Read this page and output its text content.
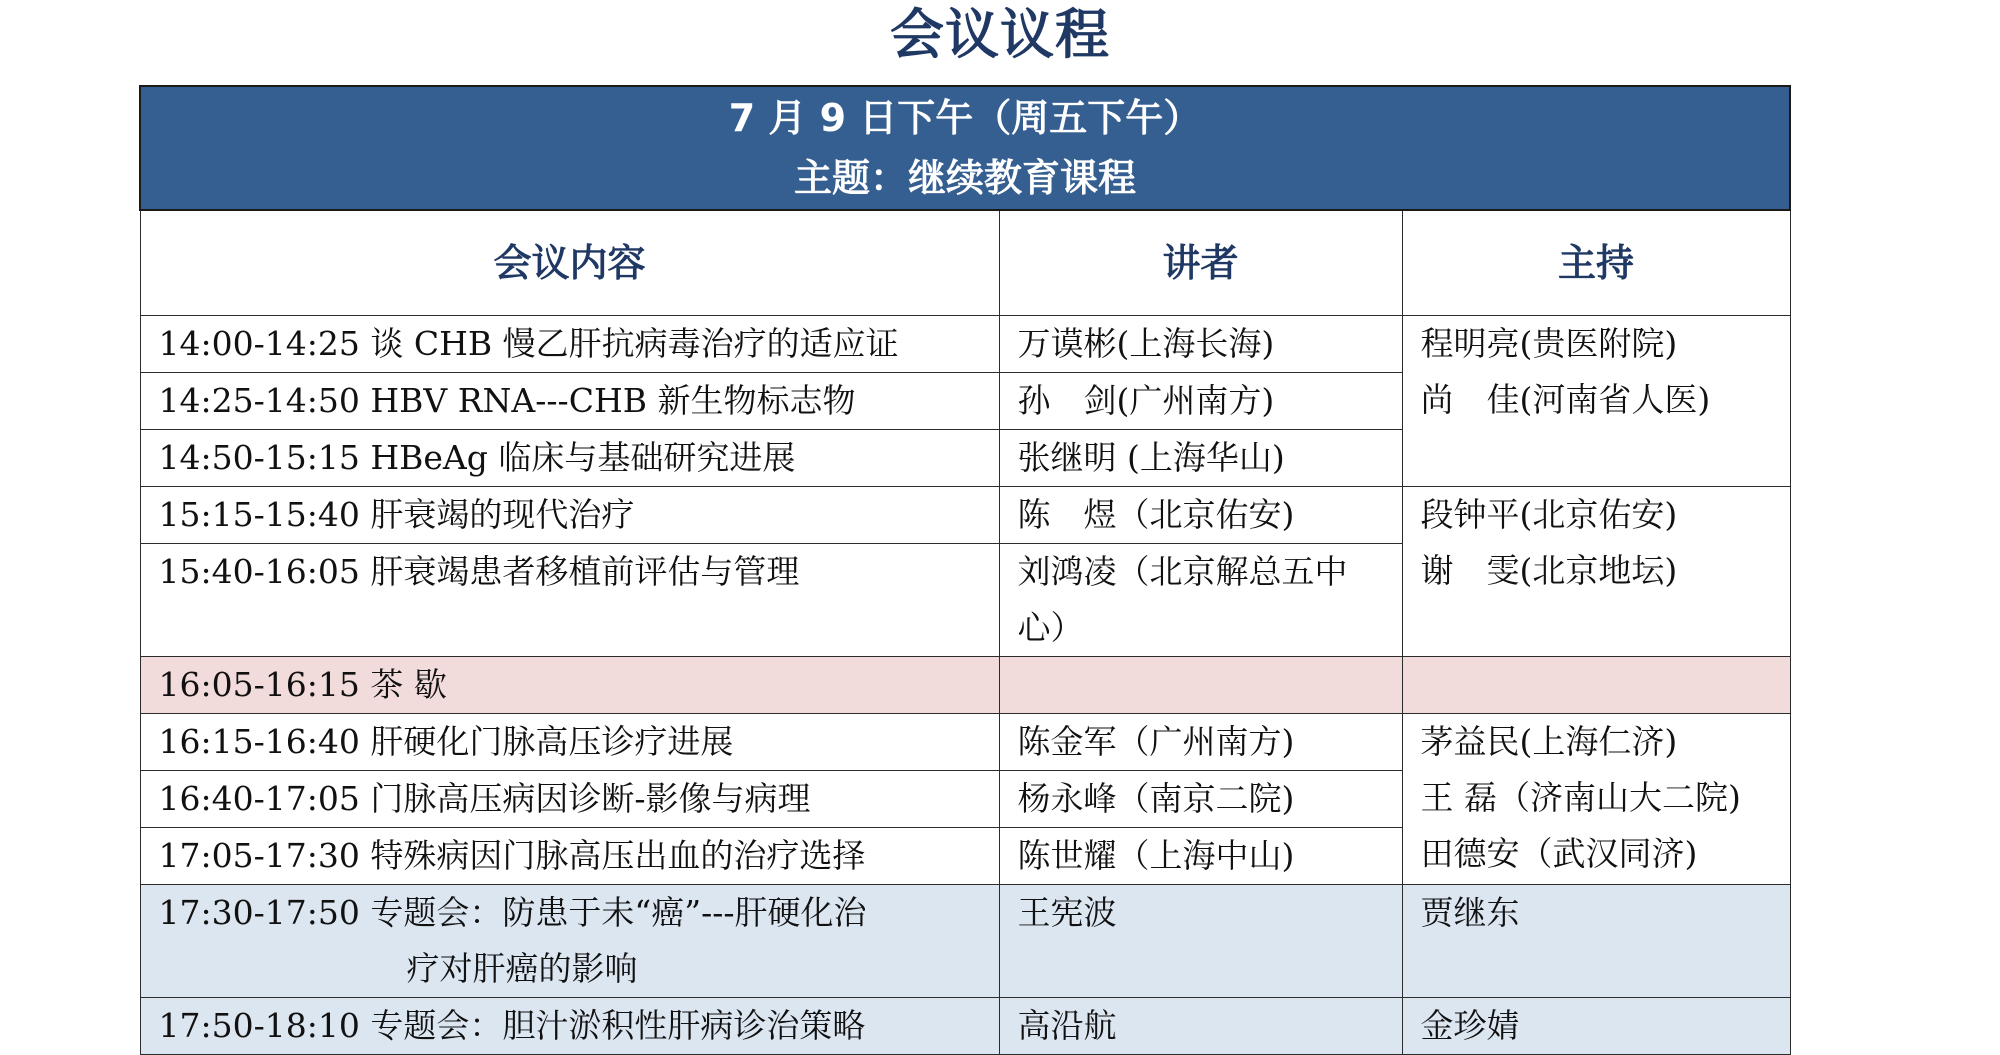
会议议程
7 月 9 日下午（周五下午）
主题：继续教育课程		

会议内容	讲者	主持
14:00-14:25 谈 CHB 慢乙肝抗病毒治疗的适应证	万谟彬(上海长海)	程明亮(贵医附院)
尚　佳(河南省人医)

14:25-14:50 HBV RNA---CHB 新生物标志物	孙　剑(广州南方)	
14:50-15:15 HBeAg 临床与基础研究进展	张继明 (上海华山)	
15:15-15:40 肝衰竭的现代治疗	陈　煜（北京佑安)	段钟平(北京佑安)
谢　雯(北京地坛)

15:40-16:05 肝衰竭患者移植前评估与管理	刘鸿凌（北京解总五中心）	
16:05-16:15 茶 歇		
16:15-16:40 肝硬化门脉高压诊疗进展	陈金军（广州南方)	茅益民(上海仁济)
王 磊（济南山大二院)
田德安（武汉同济)

16:40-17:05 门脉高压病因诊断-影像与病理	杨永峰（南京二院)	
17:05-17:30 特殊病因门脉高压出血的治疗选择	陈世耀（上海中山)	

17:30-17:50 专题会：防患于未“癌”---肝硬化治
疗对肝癌的影响	王宪波	贾继东
17:50-18:10 专题会：胆汁淤积性肝病诊治策略	高沿航	金珍婧
